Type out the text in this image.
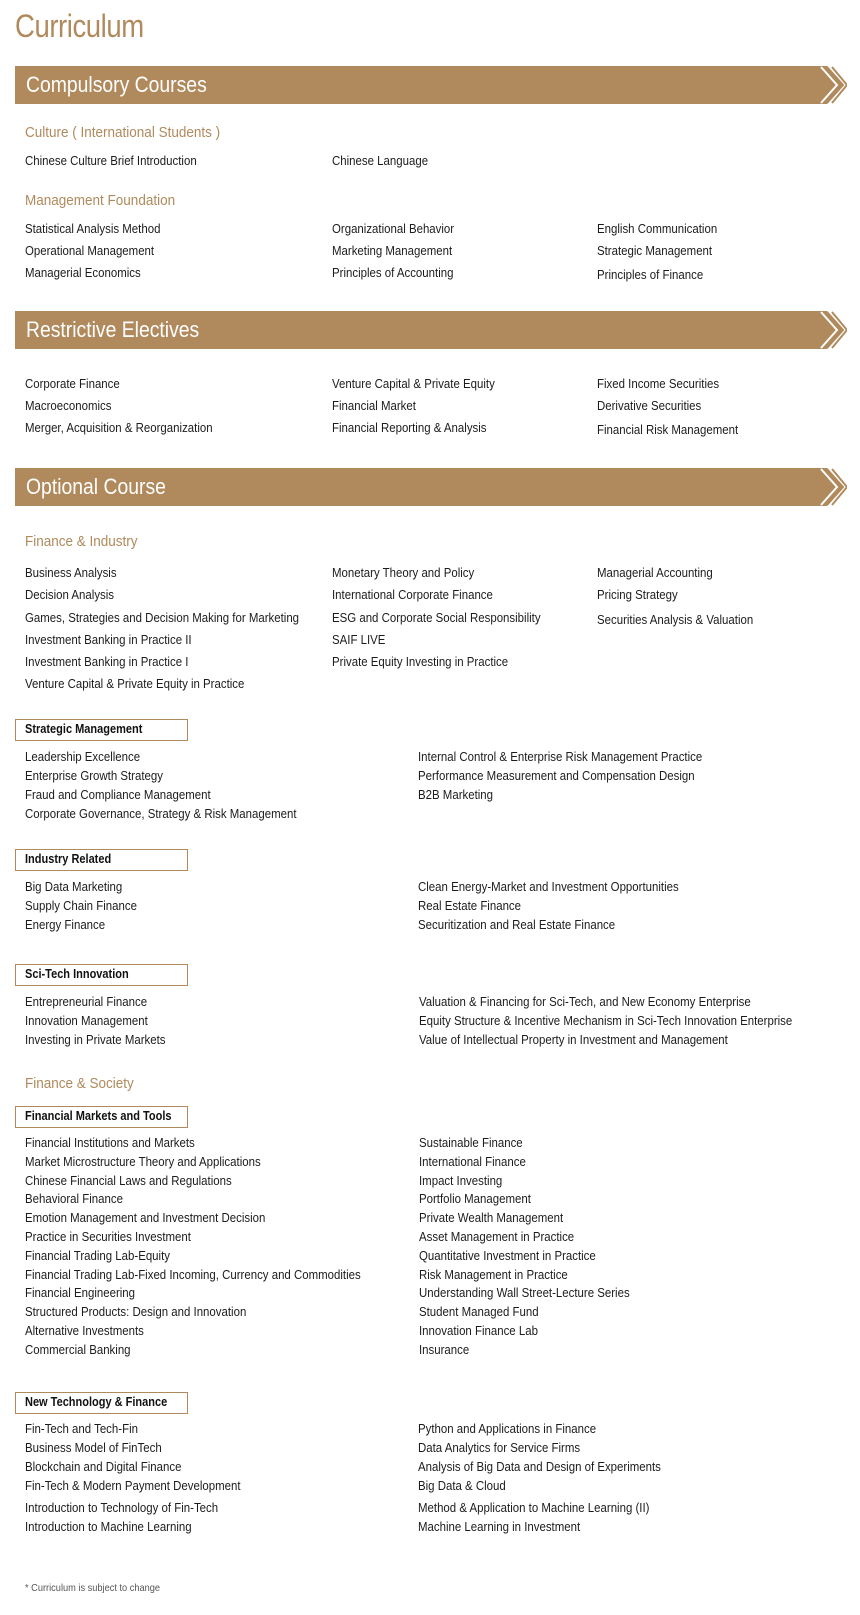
Curriculum
Compulsory Courses
Culture ( International Students )
Chinese Culture Brief Introduction	Chinese Language
Management Foundation
Statistical Analysis Method
Operational Management
Managerial Economics
Organizational Behavior
Marketing Management
Principles of Accounting
English Communication
Strategic Management
Principles of Finance
Restrictive Electives
Corporate Finance
Macroeconomics
Merger, Acquisition & Reorganization
Venture Capital & Private Equity
Financial Market
Financial Reporting & Analysis
Fixed Income Securities
Derivative Securities
Financial Risk Management
Optional Course
Finance & Industry
Business Analysis
Decision Analysis
Games, Strategies and Decision Making for Marketing
Investment Banking in Practice II
Investment Banking in Practice I
Venture Capital & Private Equity in Practice
Monetary Theory and Policy
International Corporate Finance
ESG and Corporate Social Responsibility
SAIF LIVE
Private Equity Investing in Practice
Managerial Accounting
Pricing Strategy
Securities Analysis & Valuation
Strategic Management
Leadership Excellence
Enterprise Growth Strategy
Fraud and Compliance Management
Corporate Governance, Strategy & Risk Management
Internal Control & Enterprise Risk Management Practice
Performance Measurement and Compensation Design
B2B Marketing
Industry Related
Big Data Marketing
Supply Chain Finance
Energy Finance
Clean Energy-Market and Investment Opportunities
Real Estate Finance
Securitization and Real Estate Finance
Sci-Tech Innovation
Entrepreneurial Finance
Innovation Management
Investing in Private Markets
Valuation & Financing for Sci-Tech, and New Economy Enterprise
Equity Structure & Incentive Mechanism in Sci-Tech Innovation Enterprise
Value of Intellectual Property in Investment and Management
Finance & Society
Financial Markets and Tools
Financial Institutions and Markets
Market Microstructure Theory and Applications
Chinese Financial Laws and Regulations
Behavioral Finance
Emotion Management and Investment Decision
Practice in Securities Investment
Financial Trading Lab-Equity
Financial Trading Lab-Fixed Incoming, Currency and Commodities
Financial Engineering
Structured Products: Design and Innovation
Alternative Investments
Commercial Banking
Sustainable Finance
International Finance
Impact Investing
Portfolio Management
Private Wealth Management
Asset Management in Practice
Quantitative Investment in Practice
Risk Management in Practice
Understanding Wall Street-Lecture Series
Student Managed Fund
Innovation Finance Lab
Insurance
New Technology & Finance
Fin-Tech and Tech-Fin
Business Model of FinTech
Blockchain and Digital Finance
Fin-Tech & Modern Payment Development
Introduction to Technology of Fin-Tech
Introduction to Machine Learning
Python and Applications in Finance
Data Analytics for Service Firms
Analysis of Big Data and Design of Experiments
Big Data & Cloud
Method & Application to Machine Learning (II)
Machine Learning in Investment
* Curriculum is subject to change
